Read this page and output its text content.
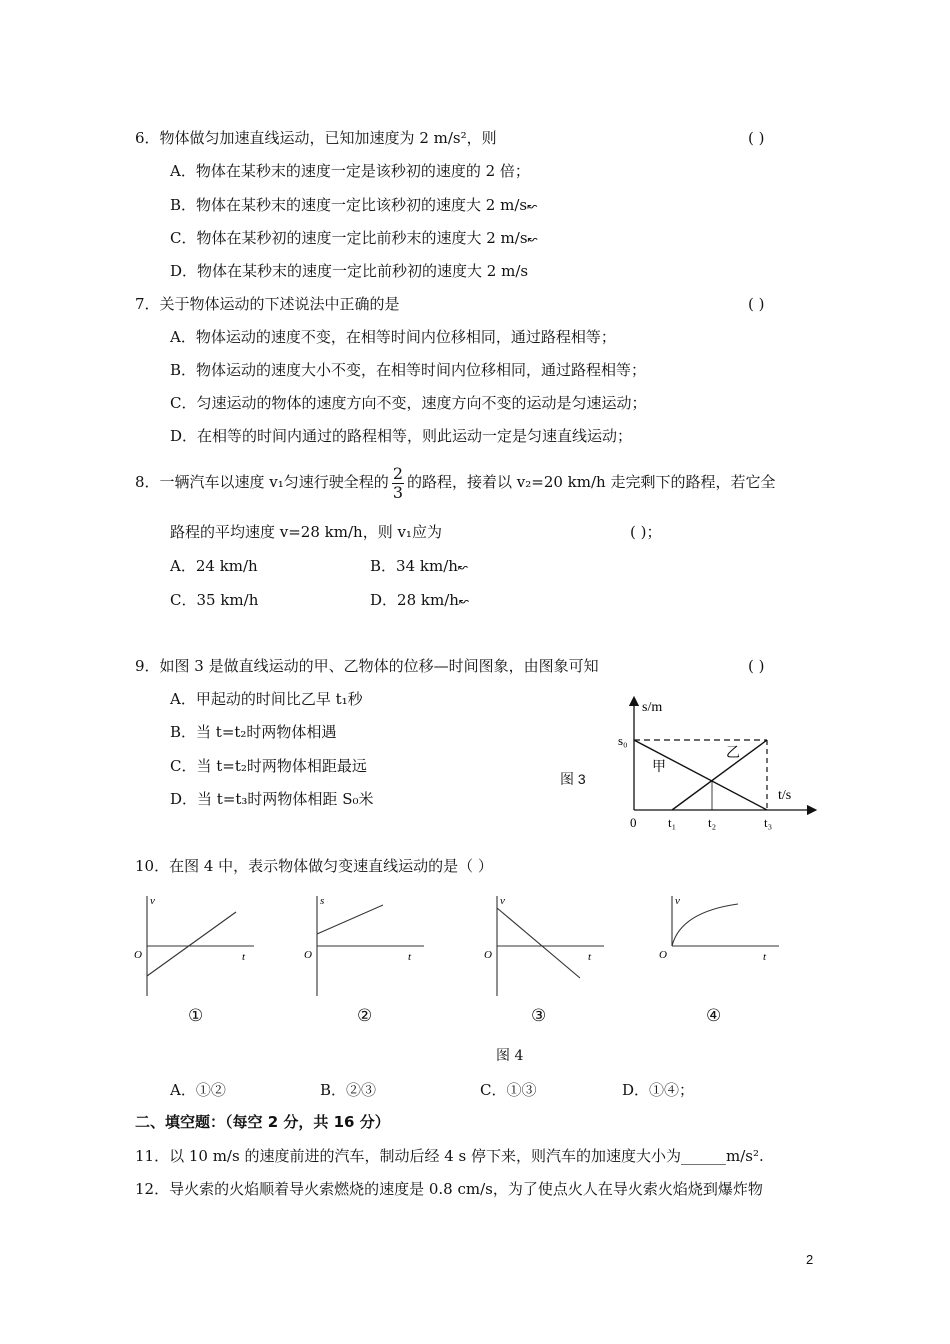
6．物体做匀加速直线运动，已知加速度为 2 m/s²，则	( )
A．物体在某秒末的速度一定是该秒初的速度的 2 倍；
B．物体在某秒末的速度一定比该秒初的速度大 2 m/s↜
C．物体在某秒初的速度一定比前秒末的速度大 2 m/s↜
D．物体在某秒末的速度一定比前秒初的速度大 2 m/s
7．关于物体运动的下述说法中正确的是	( )
A．物体运动的速度不变，在相等时间内位移相同，通过路程相等；
B．物体运动的速度大小不变，在相等时间内位移相同，通过路程相等；
C．匀速运动的物体的速度方向不变，速度方向不变的运动是匀速运动；
D．在相等的时间内通过的路程相等，则此运动一定是匀速直线运动；
8．一辆汽车以速度 v₁匀速行驶全程的 $\frac{2}{3}$ 的路程，接着以 v₂=20 km/h 走完剩下的路程，若它全
路程的平均速度 v=28 km/h，则 v₁应为	( )；
A．24 km/h	B．34 km/h↜
C．35 km/h	D．28 km/h↜
9．如图 3 是做直线运动的甲、乙物体的位移—时间图象，由图象可知	( )
A．甲起动的时间比乙早 t₁秒
B．当 t=t₂时两物体相遇
C．当 t=t₂时两物体相距最远
D．当 t=t₃时两物体相距 S₀米
图 3
s/m
t/s
s₀
0 t₁ t₂	t₃
甲
乙
10．在图 4 中，表示物体做匀变速直线运动的是（ ）
v
O	t
①
s
O	t
②
v
O	t
③
v
O	t
④
图 4
A．①②	B．②③	C．①③	D．①④；
二、填空题：（每空 2 分，共 16 分）
11．以 10 m/s 的速度前进的汽车，制动后经 4 s 停下来，则汽车的加速度大小为______m/s².
12．导火索的火焰顺着导火索燃烧的速度是 0.8 cm/s，为了使点火人在导火索火焰烧到爆炸物
2
